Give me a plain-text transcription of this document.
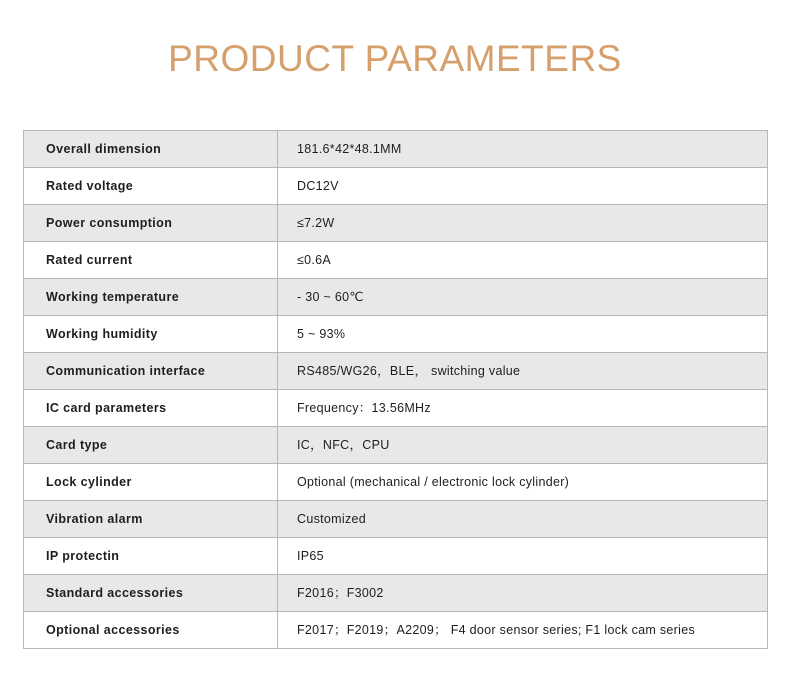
PRODUCT PARAMETERS
Overall dimension	181.6*42*48.1MM
Rated voltage	DC12V
Power consumption	≤7.2W
Rated current	≤0.6A
Working temperature	- 30 ~ 60℃
Working humidity	5 ~ 93%
Communication interface	RS485/WG26，BLE， switching value
IC card parameters	Frequency：13.56MHz
Card type	IC，NFC，CPU
Lock cylinder	Optional (mechanical / electronic lock cylinder)
Vibration alarm	Customized
IP protectin	IP65
Standard accessories	F2016；F3002
Optional accessories	F2017；F2019；A2209； F4 door sensor series; F1 lock cam series
